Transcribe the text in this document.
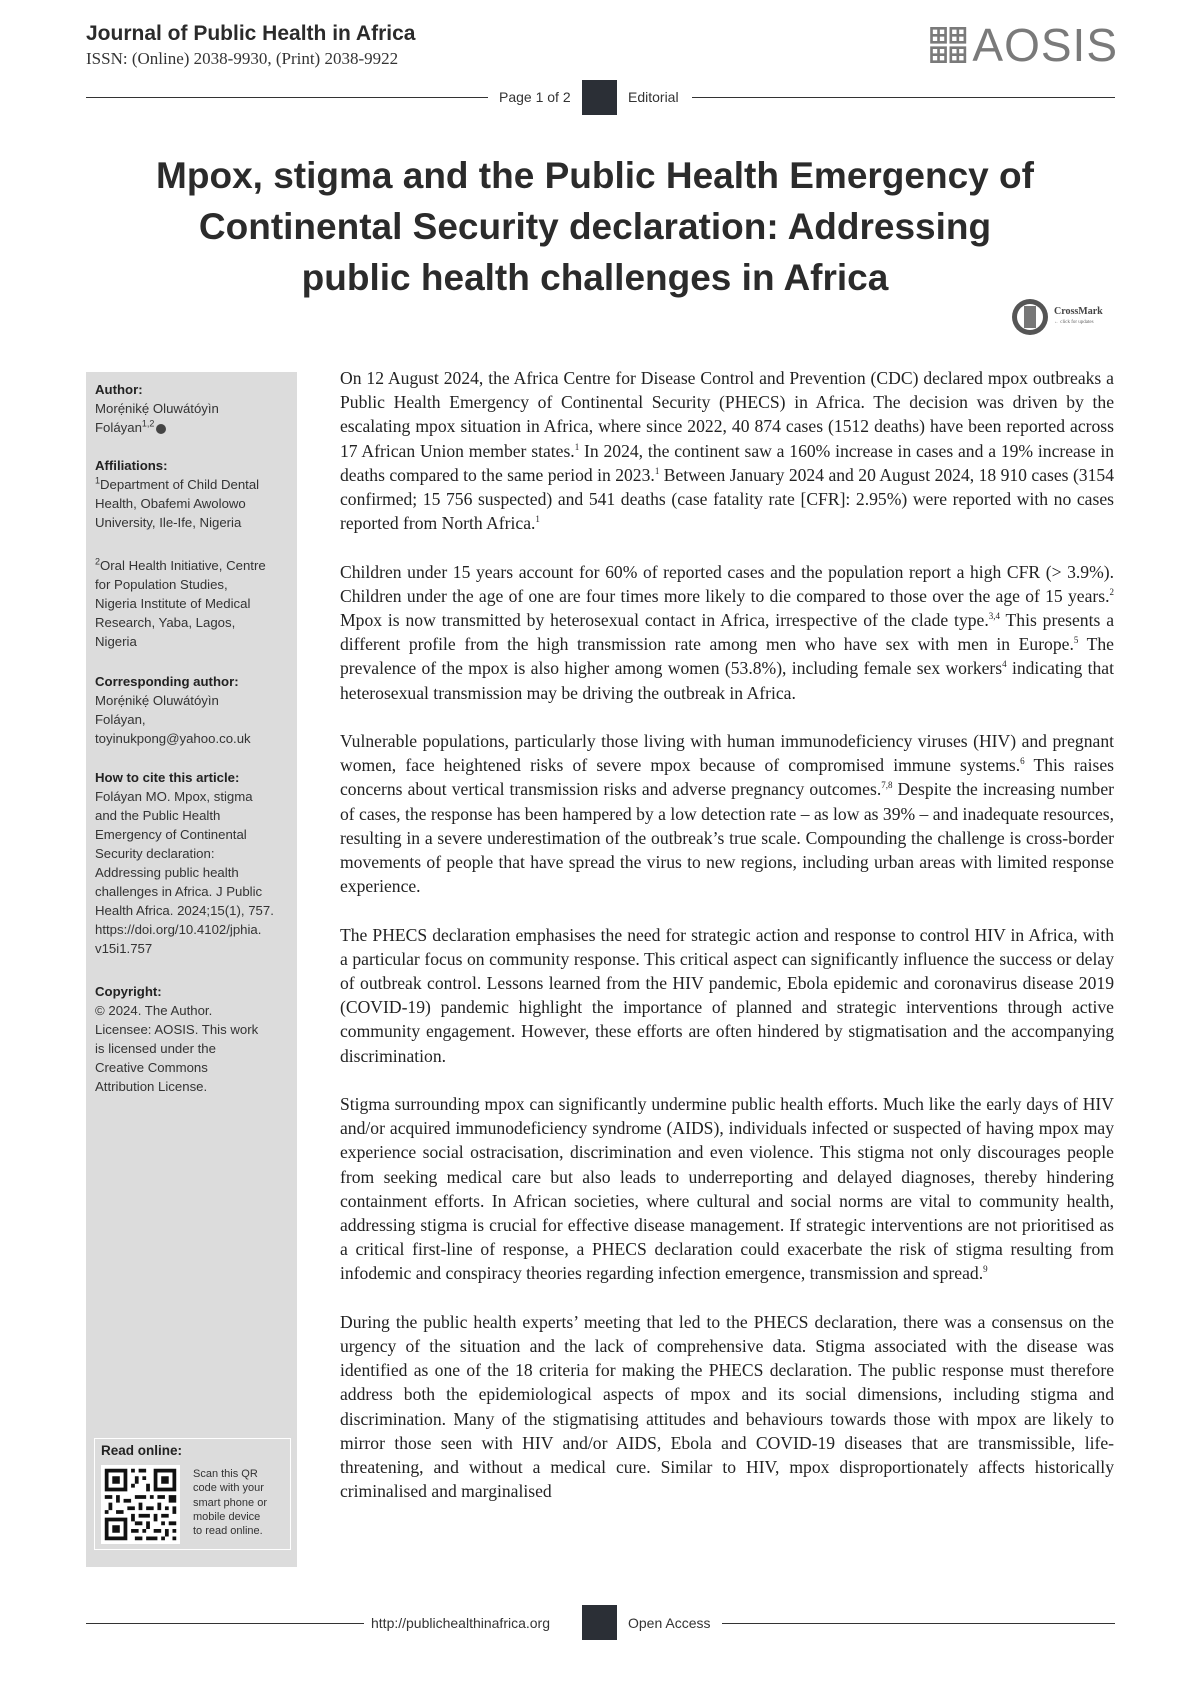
Journal of Public Health in Africa
ISSN: (Online) 2038-9930, (Print) 2038-9922	AOSIS
Page 1 of 2	Editorial
Mpox, stigma and the Public Health Emergency of
Continental Security declaration: Addressing
public health challenges in Africa
CrossMark
← click for updates
Author:
Morẹ́nikẹ́ Oluwátóyìn
Foláyan$^{1,2}$
Affiliations:
$^1$Department of Child Dental
Health, Obafemi Awolowo
University, Ile-Ife, Nigeria
$^2$Oral Health Initiative, Centre
for Population Studies,
Nigeria Institute of Medical
Research, Yaba, Lagos,
Nigeria
Corresponding author:
Morẹ́nikẹ́ Oluwátóyìn
Foláyan,
toyinukpong@yahoo.co.uk
How to cite this article:
Foláyan MO. Mpox, stigma
and the Public Health
Emergency of Continental
Security declaration:
Addressing public health
challenges in Africa. J Public
Health Africa. 2024;15(1), 757.
https://doi.org/10.4102/jphia.
v15i1.757
Copyright:
© 2024. The Author.
Licensee: AOSIS. This work
is licensed under the
Creative Commons
Attribution License.
Read online:
Scan this QR
code with your
smart phone or
mobile device
to read online.

On 12 August 2024, the Africa Centre for Disease Control and Prevention (CDC) declared mpox outbreaks a Public Health Emergency of Continental Security (PHECS) in Africa. The decision was driven by the escalating mpox situation in Africa, where since 2022, 40 874 cases (1512 deaths) have been reported across 17 African Union member states.$^1$ In 2024, the continent saw a 160% increase in cases and a 19% increase in deaths compared to the same period in 2023.$^1$ Between January 2024 and 20 August 2024, 18 910 cases (3154 confirmed; 15 756 suspected) and 541 deaths (case fatality rate [CFR]: 2.95%) were reported with no cases reported from North Africa.$^1$

Children under 15 years account for 60% of reported cases and the population report a high CFR (> 3.9%). Children under the age of one are four times more likely to die compared to those over the age of 15 years.$^2$ Mpox is now transmitted by heterosexual contact in Africa, irrespective of the clade type.$^{3,4}$ This presents a different profile from the high transmission rate among men who have sex with men in Europe.$^5$ The prevalence of the mpox is also higher among women (53.8%), including female sex workers$^4$ indicating that heterosexual transmission may be driving the outbreak in Africa.

Vulnerable populations, particularly those living with human immunodeficiency viruses (HIV) and pregnant women, face heightened risks of severe mpox because of compromised immune systems.$^6$ This raises concerns about vertical transmission risks and adverse pregnancy outcomes.$^{7,8}$ Despite the increasing number of cases, the response has been hampered by a low detection rate – as low as 39% – and inadequate resources, resulting in a severe underestimation of the outbreak’s true scale. Compounding the challenge is cross-border movements of people that have spread the virus to new regions, including urban areas with limited response experience.

The PHECS declaration emphasises the need for strategic action and response to control HIV in Africa, with a particular focus on community response. This critical aspect can significantly influence the success or delay of outbreak control. Lessons learned from the HIV pandemic, Ebola epidemic and coronavirus disease 2019 (COVID-19) pandemic highlight the importance of planned and strategic interventions through active community engagement. However, these efforts are often hindered by stigmatisation and the accompanying discrimination.

Stigma surrounding mpox can significantly undermine public health efforts. Much like the early days of HIV and/or acquired immunodeficiency syndrome (AIDS), individuals infected or suspected of having mpox may experience social ostracisation, discrimination and even violence. This stigma not only discourages people from seeking medical care but also leads to underreporting and delayed diagnoses, thereby hindering containment efforts. In African societies, where cultural and social norms are vital to community health, addressing stigma is crucial for effective disease management. If strategic interventions are not prioritised as a critical first-line of response, a PHECS declaration could exacerbate the risk of stigma resulting from infodemic and conspiracy theories regarding infection emergence, transmission and spread.$^9$

During the public health experts’ meeting that led to the PHECS declaration, there was a consensus on the urgency of the situation and the lack of comprehensive data. Stigma associated with the disease was identified as one of the 18 criteria for making the PHECS declaration. The public response must therefore address both the epidemiological aspects of mpox and its social dimensions, including stigma and discrimination. Many of the stigmatising attitudes and behaviours towards those with mpox are likely to mirror those seen with HIV and/or AIDS, Ebola and COVID-19 diseases that are transmissible, life-threatening, and without a medical cure. Similar to HIV, mpox disproportionately affects historically criminalised and marginalised

http://publichealthinafrica.org	Open Access
